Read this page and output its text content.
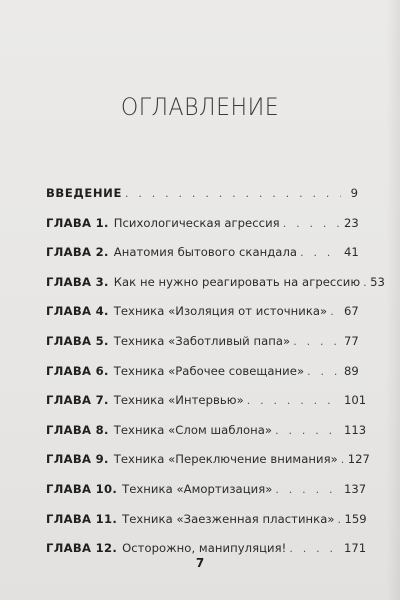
ОГЛАВЛЕНИЕ
ВВЕДЕНИЕ . . .	9
ГЛАВА 1. Психологическая агрессия . . .	23
ГЛАВА 2. Анатомия бытового скандала . . .	41
ГЛАВА 3. Как не нужно реагировать на агрессию . . . 53
ГЛАВА 4. Техника «Изоляция от источника» . . . 67
ГЛАВА 5. Техника «Заботливый папа» . . .	77
ГЛАВА 6. Техника «Рабочее совещание» . . .	89
ГЛАВА 7. Техника «Интервью» . . .	101
ГЛАВА 8. Техника «Слом шаблона» . . .	113
ГЛАВА 9. Техника «Переключение внимания» . . . 127
ГЛАВА 10. Техника «Амортизация» . . .	137
ГЛАВА 11. Техника «Заезженная пластинка» . . . 159
ГЛАВА 12. Осторожно, манипуляция! . . .	171
7
